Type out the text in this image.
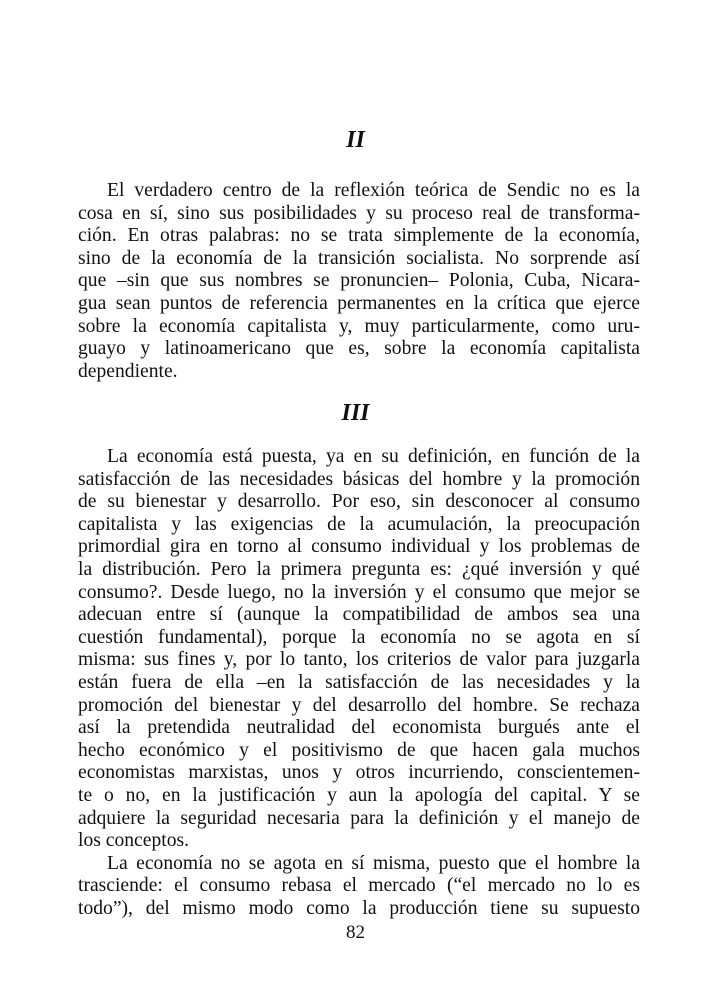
II

El verdadero centro de la reflexión teórica de Sendic no es la
cosa en sí, sino sus posibilidades y su proceso real de transforma-
ción. En otras palabras: no se trata simplemente de la economía,
sino de la economía de la transición socialista. No sorprende así
que –sin que sus nombres se pronuncien– Polonia, Cuba, Nicara-
gua sean puntos de referencia permanentes en la crítica que ejerce
sobre la economía capitalista y, muy particularmente, como uru-
guayo y latinoamericano que es, sobre la economía capitalista
dependiente.

III

La economía está puesta, ya en su definición, en función de la
satisfacción de las necesidades básicas del hombre y la promoción
de su bienestar y desarrollo. Por eso, sin desconocer al consumo
capitalista y las exigencias de la acumulación, la preocupación
primordial gira en torno al consumo individual y los problemas de
la distribución. Pero la primera pregunta es: ¿qué inversión y qué
consumo?. Desde luego, no la inversión y el consumo que mejor se
adecuan entre sí (aunque la compatibilidad de ambos sea una
cuestión fundamental), porque la economía no se agota en sí
misma: sus fines y, por lo tanto, los criterios de valor para juzgarla
están fuera de ella –en la satisfacción de las necesidades y la
promoción del bienestar y del desarrollo del hombre. Se rechaza
así la pretendida neutralidad del economista burgués ante el
hecho económico y el positivismo de que hacen gala muchos
economistas marxistas, unos y otros incurriendo, conscientemen-
te o no, en la justificación y aun la apología del capital. Y se
adquiere la seguridad necesaria para la definición y el manejo de
los conceptos.

La economía no se agota en sí misma, puesto que el hombre la
trasciende: el consumo rebasa el mercado (“el mercado no lo es
todo”), del mismo modo como la producción tiene su supuesto

82
